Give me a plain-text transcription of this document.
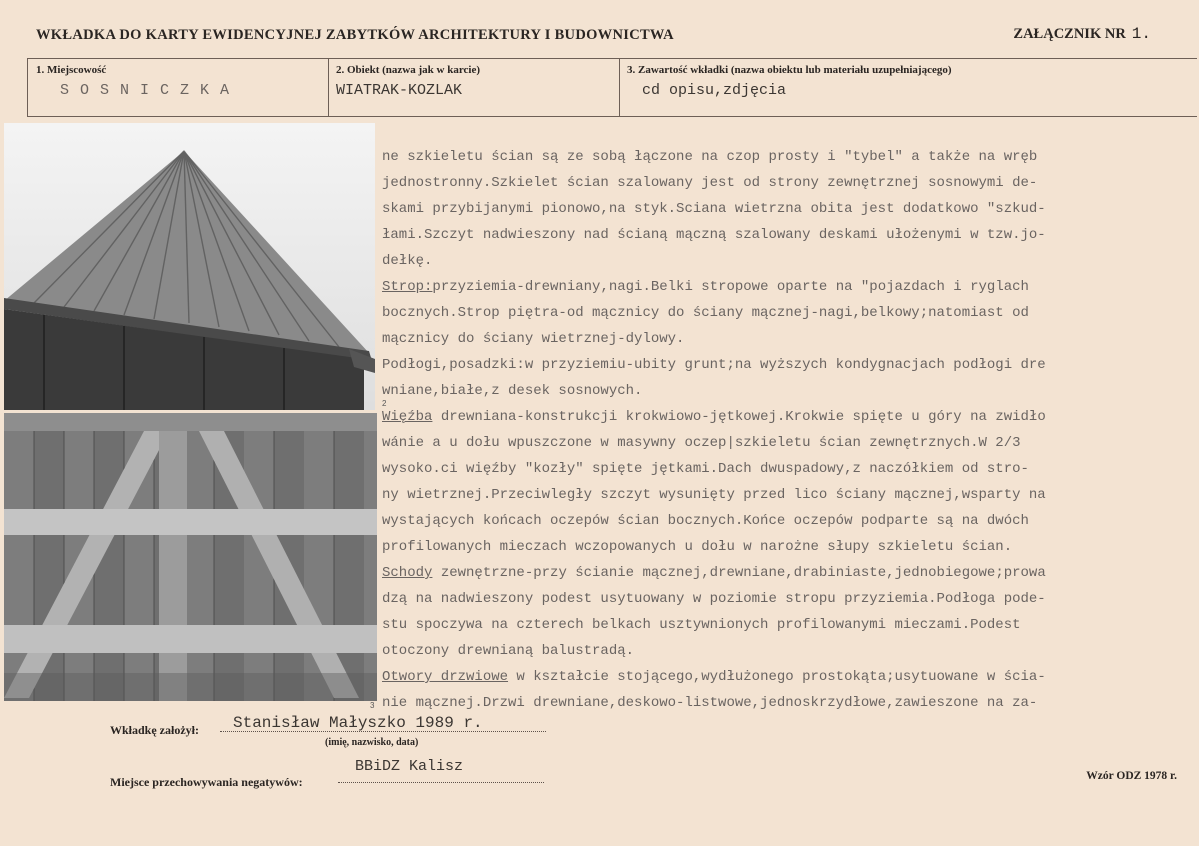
WKŁADKA DO KARTY EWIDENCYJNEJ ZABYTKÓW ARCHITEKTURY I BUDOWNICTWA	ZAŁĄCZNIK NR 1.
1. Miejscowość
SOSNICZKA
2. Obiekt (nazwa jak w karcie)
WIATRAK-KOZLAK
3. Zawartość wkładki (nazwa obiektu lub materiału uzupełniającego)
cd opisu,zdjęcia
2
3
ne szkieletu ścian są ze sobą łączone na czop prosty i "tybel" a także na wręb
jednostronny.Szkielet ścian szalowany jest od strony zewnętrznej sosnowymi de-
skami przybijanymi pionowo,na styk.Sciana wietrzna obita jest dodatkowo "szkud-
łami.Szczyt nadwieszony nad ścianą mączną szalowany deskami ułożenymi w tzw.jo-
dełkę.
Strop:przyziemia-drewniany,nagi.Belki stropowe oparte na "pojazdach i ryglach
bocznych.Strop piętra-od mącznicy do ściany mącznej-nagi,belkowy;natomiast od
mącznicy do ściany wietrznej-dylowy.
Podłogi,posadzki:w przyziemiu-ubity grunt;na wyższych kondygnacjach podłogi dre
wniane,białe,z desek sosnowych.
Więźba drewniana-konstrukcji krokwiowo-jętkowej.Krokwie spięte u góry na zwidło
wánie a u dołu wpuszczone w masywny oczep|szkieletu ścian zewnętrznych.W 2/3
wysoko.ci więźby "kozły" spięte jętkami.Dach dwuspadowy,z naczółkiem od stro-
ny wietrznej.Przeciwległy szczyt wysunięty przed lico ściany mącznej,wsparty na
wystających końcach oczepów ścian bocznych.Końce oczepów podparte są na dwóch
profilowanych mieczach wczopowanych u dołu w narożne słupy szkieletu ścian.
Schody zewnętrzne-przy ścianie mącznej,drewniane,drabiniaste,jednobiegowe;prowa
dzą na nadwieszony podest usytuowany w poziomie stropu przyziemia.Podłoga pode-
stu spoczywa na czterech belkach usztywnionych profilowanymi mieczami.Podest
otoczony drewnianą balustradą.
Otwory drzwiowe w kształcie stojącego,wydłużonego prostokąta;usytuowane w ścia-
nie mącznej.Drzwi drewniane,deskowo-listwowe,jednoskrzydłowe,zawieszone na za-
Wkładkę założył: Stanisław Małyszko 1989 r.
(imię, nazwisko, data)
Miejsce przechowywania negatywów:
BBiDZ Kalisz
Wzór ODZ 1978 r.
